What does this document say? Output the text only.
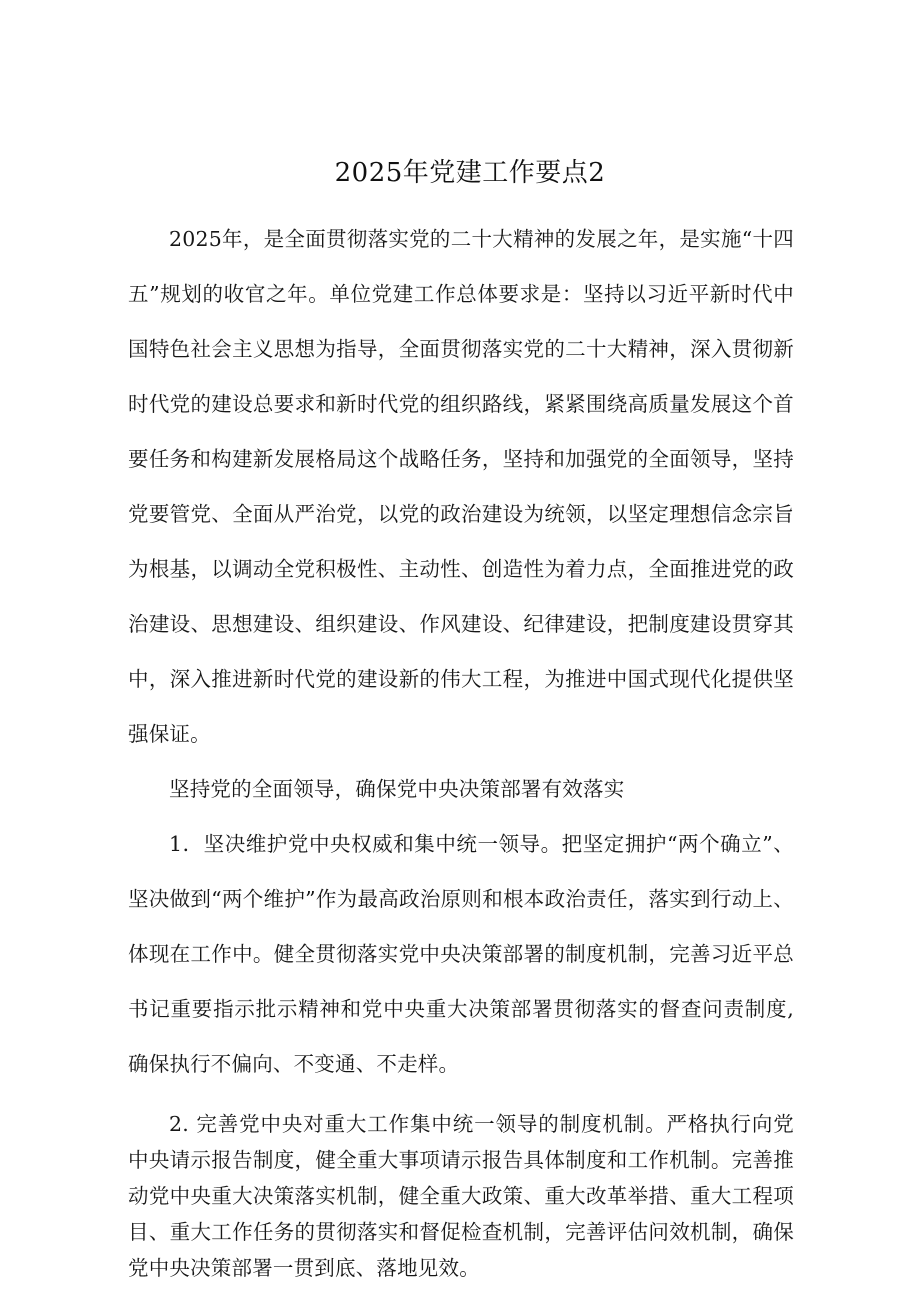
2025年党建工作要点2

2025年，是全面贯彻落实党的二十大精神的发展之年，是实施“十四五”规划的收官之年。单位党建工作总体要求是：坚持以习近平新时代中国特色社会主义思想为指导，全面贯彻落实党的二十大精神，深入贯彻新时代党的建设总要求和新时代党的组织路线，紧紧围绕高质量发展这个首要任务和构建新发展格局这个战略任务，坚持和加强党的全面领导，坚持党要管党、全面从严治党，以党的政治建设为统领，以坚定理想信念宗旨为根基，以调动全党积极性、主动性、创造性为着力点，全面推进党的政治建设、思想建设、组织建设、作风建设、纪律建设，把制度建设贯穿其中，深入推进新时代党的建设新的伟大工程，为推进中国式现代化提供坚强保证。

坚持党的全面领导，确保党中央决策部署有效落实

1．坚决维护党中央权威和集中统一领导。把坚定拥护“两个确立”、坚决做到“两个维护”作为最高政治原则和根本政治责任，落实到行动上、体现在工作中。健全贯彻落实党中央决策部署的制度机制，完善习近平总书记重要指示批示精神和党中央重大决策部署贯彻落实的督查问责制度,确保执行不偏向、不变通、不走样。

2. 完善党中央对重大工作集中统一领导的制度机制。严格执行向党中央请示报告制度，健全重大事项请示报告具体制度和工作机制。完善推动党中央重大决策落实机制，健全重大政策、重大改革举措、重大工程项目、重大工作任务的贯彻落实和督促检查机制，完善评估问效机制，确保党中央决策部署一贯到底、落地见效。
